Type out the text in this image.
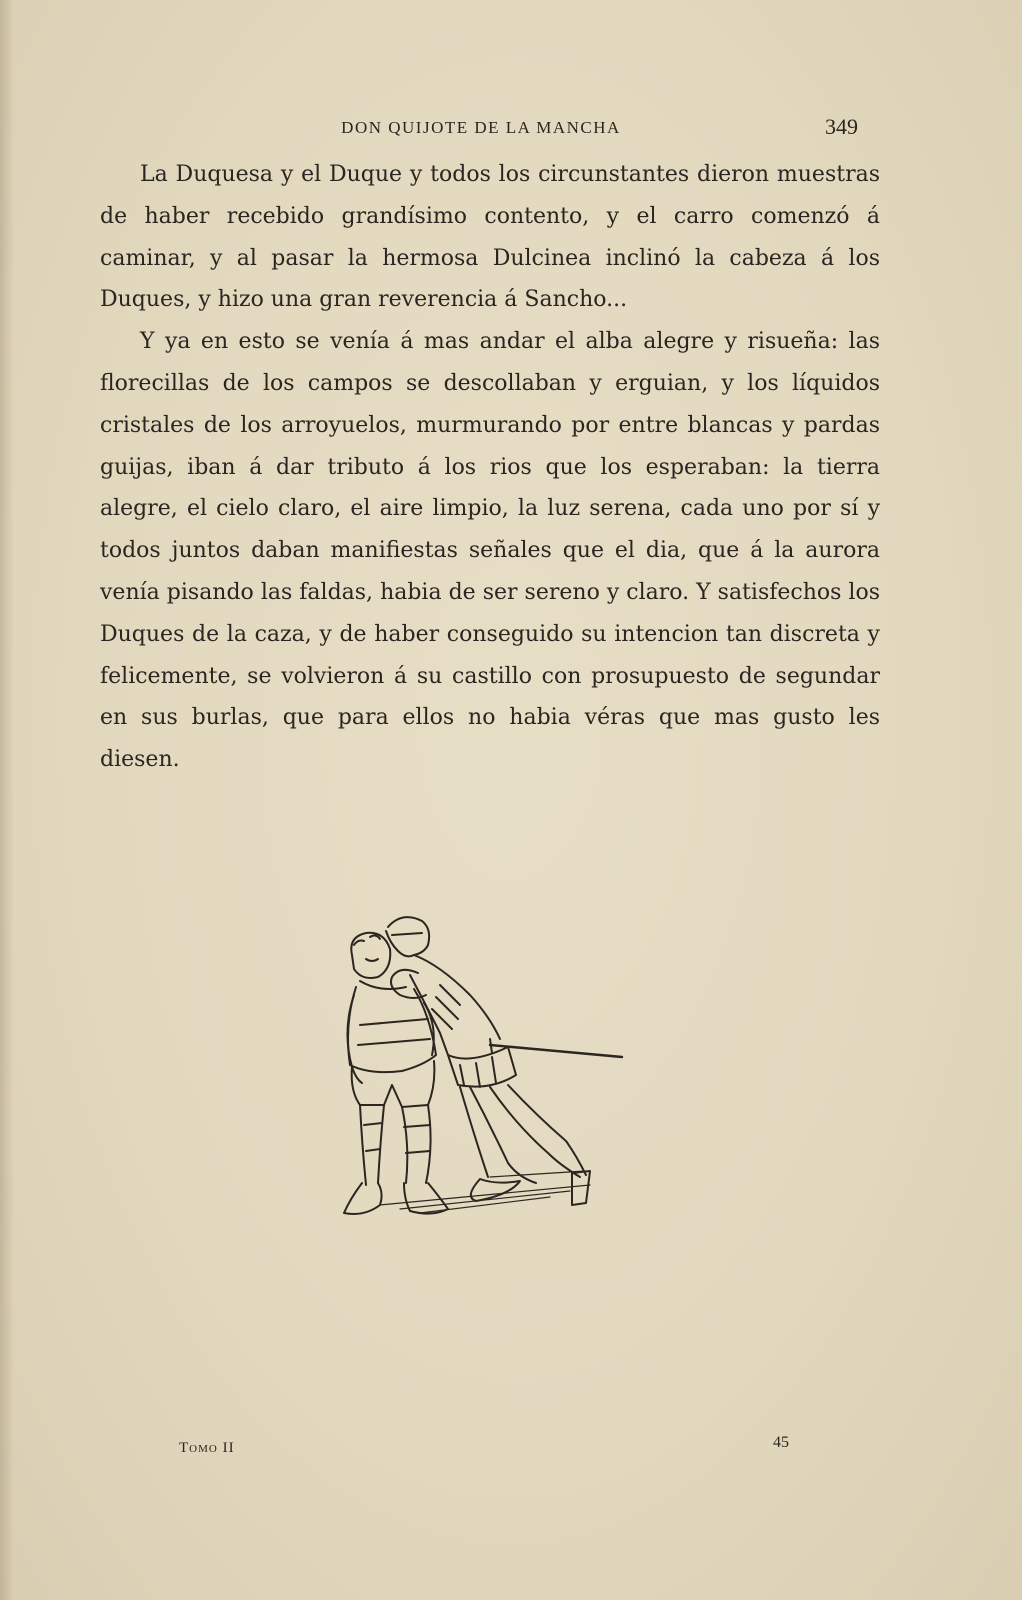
DON QUIJOTE DE LA MANCHA	349

La Duquesa y el Duque y todos los circunstantes dieron muestras de haber recebido grandísimo contento, y el carro comenzó á caminar, y al pasar la hermosa Dulcinea inclinó la cabeza á los Duques, y hizo una gran reverencia á Sancho...

Y ya en esto se venía á mas andar el alba alegre y risueña: las florecillas de los campos se descollaban y erguian, y los líquidos cristales de los arroyuelos, murmurando por entre blancas y pardas guijas, iban á dar tributo á los rios que los esperaban: la tierra alegre, el cielo claro, el aire limpio, la luz serena, cada uno por sí y todos juntos daban manifiestas señales que el dia, que á la aurora venía pisando las faldas, habia de ser sereno y claro. Y satisfechos los Duques de la caza, y de haber conseguido su intencion tan discreta y felicemente, se volvieron á su castillo con prosupuesto de segundar en sus burlas, que para ellos no habia véras que mas gusto les diesen.

Tomo II	45
